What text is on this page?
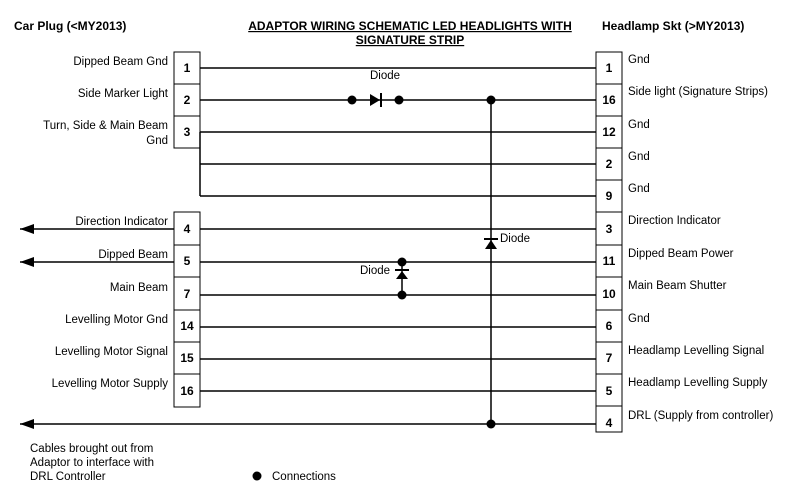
Car Plug (<MY2013)	ADAPTOR WIRING SCHEMATIC LED HEADLIGHTS WITH
SIGNATURE STRIP
Headlamp Skt (>MY2013)
1
2
3
4
5
7
14
15
16
Dipped Beam Gnd
Side Marker Light
Turn, Side & Main Beam
Gnd
Direction Indicator
Dipped Beam
Main Beam
Levelling Motor Gnd
Levelling Motor Signal
Levelling Motor Supply
1
16
12
2
9
3
11
10
6
7
5
4
Gnd
Side light (Signature Strips)
Gnd
Gnd
Gnd
Direction Indicator
Dipped Beam Power
Main Beam Shutter
Gnd
Headlamp Levelling Signal
Headlamp Levelling Supply
DRL (Supply from controller)
Diode
Diode
Diode
Cables brought out from
Adaptor to interface with
DRL Controller	Connections
